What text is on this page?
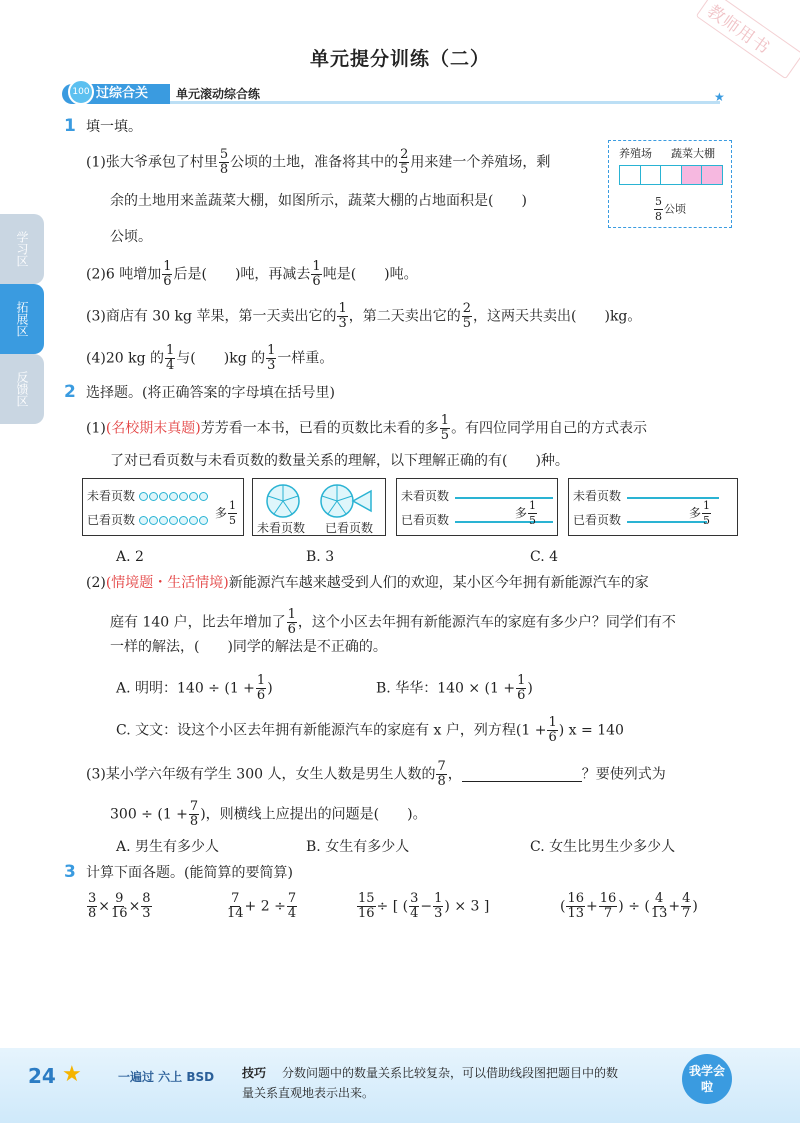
单元提分训练（二）	教师用书
过综合关
100	单元滚动综合练	★
学习区
拓展区
反馈区
1 填一填。
(1)张大爷承包了村里 $\frac{5}{8}$ 公顷的土地，准备将其中的 $\frac{2}{5}$ 用来建一个养殖场，剩
余的土地用来盖蔬菜大棚，如图所示，蔬菜大棚的占地面积是(　　)
公顷。
养殖场 蔬菜大棚
$\frac{5}{8}$ 公顷
(2)6 吨增加 $\frac{1}{6}$ 后是(　　)吨，再减去 $\frac{1}{6}$ 吨是(　　)吨。
(3)商店有 30 kg 苹果，第一天卖出它的 $\frac{1}{3}$ ，第二天卖出它的 $\frac{2}{5}$ ，这两天共卖出(　　)kg。
(4)20 kg 的 $\frac{1}{4}$ 与(　　)kg 的 $\frac{1}{3}$ 一样重。
2 选择题。(将正确答案的字母填在括号里)
(1)(名校期末真题)芳芳看一本书，已看的页数比未看的多 $\frac{1}{5}$ 。有四位同学用自己的方式表示
了对已看页数与未看页数的数量关系的理解，以下理解正确的有(　　)种。
未看页数
已看页数	多 $\frac{1}{5}$ 未看页数 已看页数
未看页数
已看页数	多 $\frac{1}{5}$
未看页数
已看页数	多 $\frac{1}{5}$
A. 2	B. 3	C. 4
(2)(情境题・生活情境)新能源汽车越来越受到人们的欢迎，某小区今年拥有新能源汽车的家
庭有 140 户，比去年增加了 $\frac{1}{6}$ ，这个小区去年拥有新能源汽车的家庭有多少户？同学们有不
一样的解法，(　　)同学的解法是不正确的。
A. 明明：$140 \div (1 + \frac{1}{6}$ )	B. 华华：$140 \times (1 + \frac{1}{6}$ )
C. 文文：设这个小区去年拥有新能源汽车的家庭有 x 户，列方程($1 + \frac{1}{6}$ ) x = 140
(3)某小学六年级有学生 300 人，女生人数是男生人数的 $\frac{7}{8}$ ，	？要使列式为
$300 \div (1 + \frac{7}{8}$ )，则横线上应提出的问题是(　　)。
A. 男生有多少人	B. 女生有多少人	C. 女生比男生少多少人
3 计算下面各题。(能简算的要简算)
$\frac{3}{8} \times \frac{9}{16} \times \frac{8}{3}$	$\frac{7}{14} + 2 \div \frac{7}{4}$	$\frac{15}{16}$ ÷ [ ( $\frac{3}{4} - \frac{1}{3}$ ) × 3 ]	( $\frac{16}{13} + \frac{16}{7}$ ) ÷ ( $\frac{4}{13} + \frac{4}{7}$ )
24 ★	一遍过 六上 BSD 技巧 分数问题中的数量关系比较复杂，可以借助线段图把题目中的数
量关系直观地表示出来。
我学会啦
